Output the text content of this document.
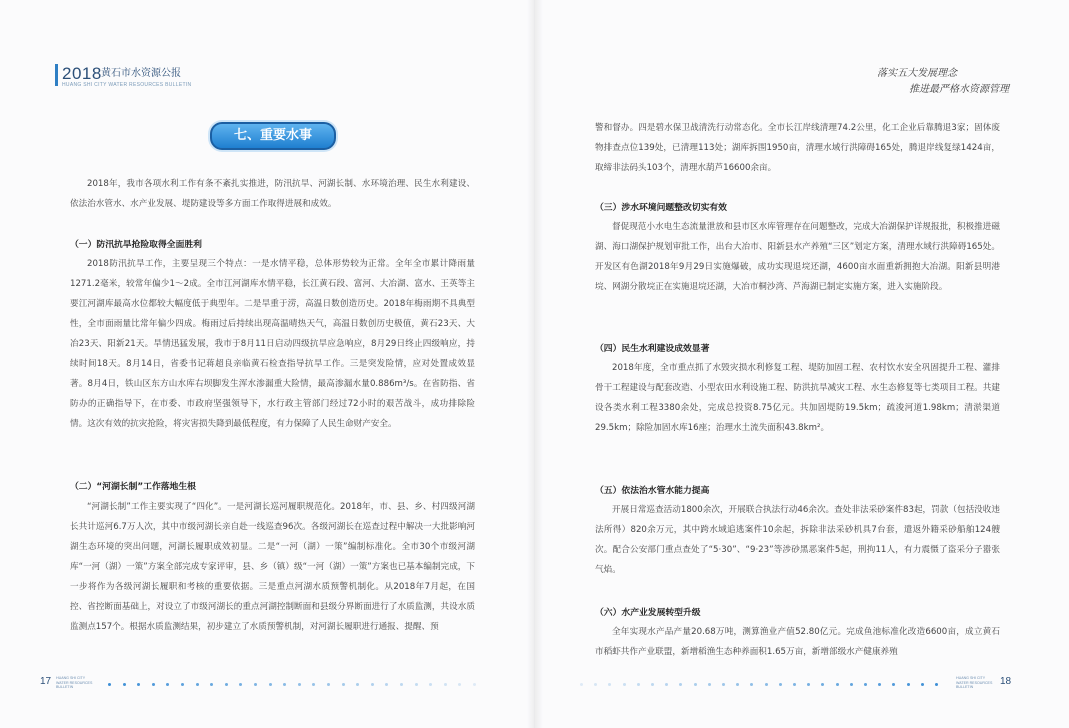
2018 黄石市水资源公报
HUANG SHI CITY WATER RESOURCES BULLETIN
落实五大发展理念
推进最严格水资源管理
七、重要水事
2018年，我市各项水利工作有条不紊扎实推进，防汛抗旱、河湖长制、水环境治理、民生水利建设、依法治水管水、水产业发展、堤防建设等多方面工作取得进展和成效。
（一）防汛抗旱抢险取得全面胜利
2018防汛抗旱工作，主要呈现三个特点：一是水情平稳，总体形势较为正常。全年全市累计降雨量1271.2毫米，较常年偏少1～2成。全市江河湖库水情平稳，长江黄石段、富河、大冶湖、富水、王英等主要江河湖库最高水位都较大幅度低于典型年。二是旱重于涝，高温日数创造历史。2018年梅雨期不具典型性，全市面雨量比常年偏少四成。梅雨过后持续出现高温晴热天气，高温日数创历史极值，黄石23天、大冶23天、阳新21天。旱情迅猛发展，我市于8月11日启动四级抗旱应急响应，8月29日终止四级响应，持续时间18天。8月14日，省委书记蒋超良亲临黄石检查指导抗旱工作。三是突发险情，应对处置成效显著。8月4日，铁山区东方山水库右坝脚发生浑水渗漏重大险情，最高渗漏水量0.886m³/s。在省防指、省防办的正确指导下，在市委、市政府坚强领导下，水行政主管部门经过72小时的艰苦战斗，成功排除险情。这次有效的抗灾抢险，将灾害损失降到最低程度，有力保障了人民生命财产安全。
（二）“河湖长制”工作落地生根
“河湖长制”工作主要实现了“四化”。一是河湖长巡河履职规范化。2018年，市、县、乡、村四级河湖长共计巡河6.7万人次，其中市级河湖长亲自赴一线巡查96次。各级河湖长在巡查过程中解决一大批影响河湖生态环境的突出问题，河湖长履职成效初显。二是“一河（湖）一策”编制标准化。全市30个市级河湖库“一河（湖）一策”方案全部完成专家评审，县、乡（镇）级“一河（湖）一策”方案也已基本编制完成，下一步将作为各级河湖长履职和考核的重要依据。三是重点河湖水质预警机制化。从2018年7月起，在国控、省控断面基础上，对设立了市级河湖长的重点河湖控制断面和县级分界断面进行了水质监测，共设水质监测点157个。根据水质监测结果，初步建立了水质预警机制，对河湖长履职进行通报、提醒、预
警和督办。四是碧水保卫战清洗行动常态化。全市长江岸线清理74.2公里，化工企业后靠腾退3家；固体废物排查点位139处，已清理113处；湖库拆围1950亩，清理水域行洪障碍165处，腾退岸线复绿1424亩，取缔非法码头103个，清理水葫芦16600余亩。
（三）涉水环境问题整改切实有效
督促现范小水电生态流量泄放和县市区水库管理存在问题整改，完成大冶湖保护详规报批，积极推进磁湖、海口湖保护规划审批工作，出台大冶市、阳新县水产养殖“三区”划定方案，清理水域行洪障碍165处。开发区有色湖2018年9月29日实施爆破，成功实现退垸还湖，4600亩水面重新拥抱大冶湖。阳新县明港垸、网湖分散垸正在实施退垸还湖，大冶市桐沙湾、芦海湖已制定实施方案，进入实施阶段。
（四）民生水利建设成效显著
2018年度，全市重点抓了水毁灾损水利修复工程、堤防加固工程、农村饮水安全巩固提升工程、灌排骨干工程建设与配套改造、小型农田水利设施工程、防洪抗旱减灾工程、水生态修复等七类项目工程。共建设各类水利工程3380余处，完成总投资8.75亿元。共加固堤防19.5km；疏浚河道1.98km；清淤渠道29.5km；除险加固水库16座；治理水土流失面积43.8km²。
（五）依法治水管水能力提高
开展日常巡查活动1800余次，开展联合执法行动46余次。查处非法采砂案件83起，罚款（包括没收违法所得）820余万元，其中跨水域追逃案件10余起，拆除非法采砂机具7台套，遣返外籍采砂船舶124艘次。配合公安部门重点查处了“5·30”、“9·23”等涉砂黑恶案件5起，刑拘11人，有力震慑了盗采分子嚣张气焰。
（六）水产业发展转型升级
全年实现水产品产量20.68万吨，测算渔业产值52.80亿元。完成鱼池标准化改造6600亩，成立黄石市稻虾共作产业联盟，新增稻渔生态种养面积1.65万亩，新增部级水产健康养殖
17 HUANG SHI CITY WATER RESOURCES BULLETIN
HUANG SHI CITY WATER RESOURCES BULLETIN	18
